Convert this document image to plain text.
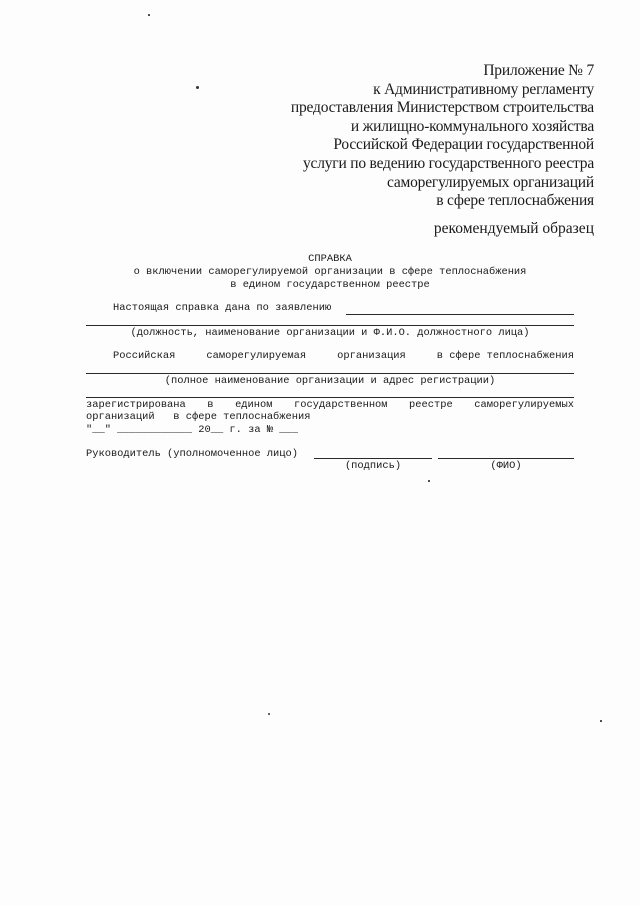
Приложение № 7
к Административному регламенту
предоставления Министерством строительства
и жилищно-коммунального хозяйства
Российской Федерации государственной
услуги по ведению государственного реестра
саморегулируемых организаций
в сфере теплоснабжения
рекомендуемый образец
СПРАВКА
о включении саморегулируемой организации в сфере теплоснабжения
в едином государственном реестре
Настоящая справка дана по заявлению
(должность, наименование организации и Ф.И.О. должностного лица)
Российская	саморегулируемая	организация	в сфере теплоснабжения
(полное наименование организации и адрес регистрации)
зарегистрирована в едином государственном реестре саморегулируемых
организаций   в сфере теплоснабжения
"__" ____________ 20__ г. за № ___
Руководитель (уполномоченное лицо)
(подпись)	(ФИО)
